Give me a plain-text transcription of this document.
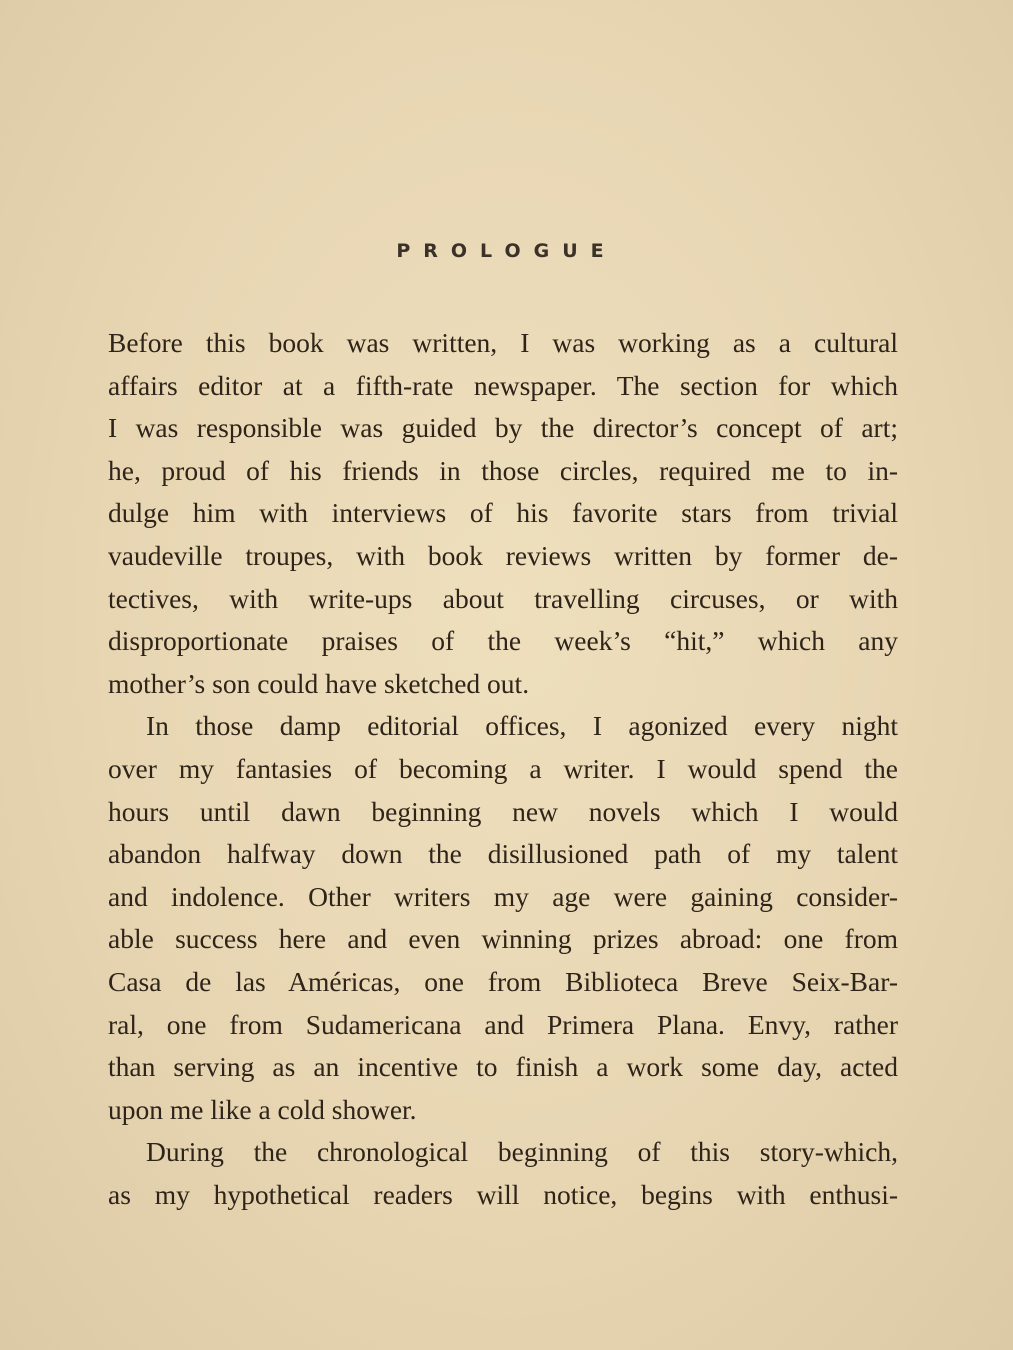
PROLOGUE
Before this book was written, I was working as a cultural
affairs editor at a fifth-rate newspaper. The section for which
I was responsible was guided by the director’s concept of art;
he, proud of his friends in those circles, required me to in-
dulge him with interviews of his favorite stars from trivial
vaudeville troupes, with book reviews written by former de-
tectives, with write-ups about travelling circuses, or with
disproportionate praises of the week’s “hit,” which any
mother’s son could have sketched out.
In those damp editorial offices, I agonized every night
over my fantasies of becoming a writer. I would spend the
hours until dawn beginning new novels which I would
abandon halfway down the disillusioned path of my talent
and indolence. Other writers my age were gaining consider-
able success here and even winning prizes abroad: one from
Casa de las Américas, one from Biblioteca Breve Seix-Bar-
ral, one from Sudamericana and Primera Plana. Envy, rather
than serving as an incentive to finish a work some day, acted
upon me like a cold shower.
During the chronological beginning of this story-which,
as my hypothetical readers will notice, begins with enthusi-
